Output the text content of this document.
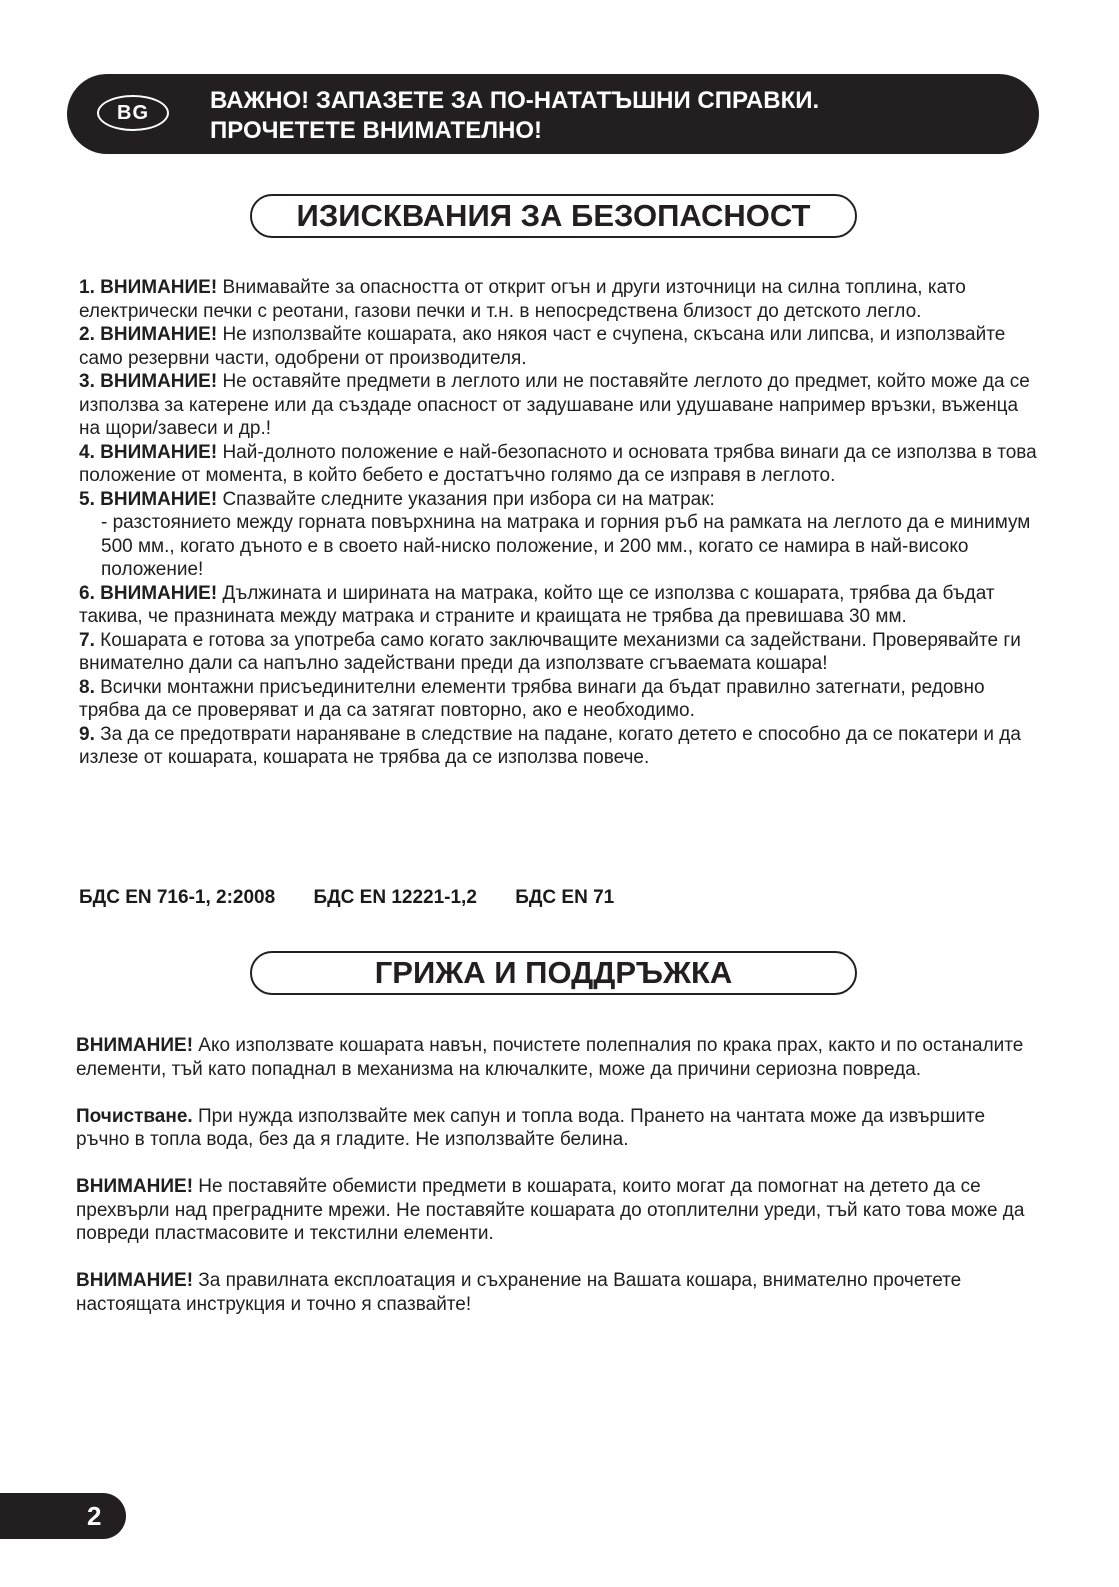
BG	ВАЖНО! ЗАПАЗЕТЕ ЗА ПО-НАТАТЪШНИ СПРАВКИ.
ПРОЧЕТЕТЕ ВНИМАТЕЛНО!
ИЗИСКВАНИЯ ЗА БЕЗОПАСНОСТ

1. ВНИМАНИЕ! Внимавайте за опасността от открит огън и други източници на силна топлина, като електрически печки с реотани, газови печки и т.н. в непосредствена близост до детското легло.

2. ВНИМАНИЕ! Не използвайте кошарата, ако някоя част е счупена, скъсана или липсва, и използвайте само резервни части, одобрени от производителя.

3. ВНИМАНИЕ! Не оставяйте предмети в леглото или не поставяйте леглото до предмет, който може да се използва за катерене или да създаде опасност от задушаване или удушаване например връзки, въженца на щори/завеси и др.!

4. ВНИМАНИЕ! Най-долното положение е най-безопасното и основата трябва винаги да се използва в това положение от момента, в който бебето е достатъчно голямо да се изправя в леглото.

5. ВНИМАНИЕ! Спазвайте следните указания при избора си на матрак:

- разстоянието между горната повърхнина на матрака и горния ръб на рамката на леглото да е минимум 500 мм., когато дъното е в своето най-ниско положение, и 200 мм., когато се намира в най-високо положение!

6. ВНИМАНИЕ! Дължината и ширината на матрака, който ще се използва с кошарата, трябва да бъдат такива, че празнината между матрака и страните и краищата не трябва да превишава 30 мм.

7. Кошарата е готова за употреба само когато заключващите механизми са задействани. Проверявайте ги внимателно дали са напълно задействани преди да използвате сгъваемата кошара!

8. Всички монтажни присъединителни елементи трябва винаги да бъдат правилно затегнати, редовно трябва да се проверяват и да са затягат повторно, ако е необходимо.

9. За да се предотврати нараняване в следствие на падане, когато детето е способно да се покатери и да излезе от кошарата, кошарата не трябва да се използва повече.

БДС EN 716-1, 2:2008 БДС EN 12221-1,2 БДС EN 71
ГРИЖА И ПОДДРЪЖКА

ВНИМАНИЕ! Ако използвате кошарата навън, почистете полепналия по крака прах, както и по останалите елементи, тъй като попаднал в механизма на ключалките, може да причини сериозна повреда.

Почистване. При нужда използвайте мек сапун и топла вода. Прането на чантата може да извършите ръчно в топла вода, без да я гладите. Не използвайте белина.

ВНИМАНИЕ! Не поставяйте обемисти предмети в кошарата, които могат да помогнат на детето да се прехвърли над преградните мрежи. Не поставяйте кошарата до отоплителни уреди, тъй като това може да повреди пластмасовите и текстилни елементи.

ВНИМАНИЕ! За правилната експлоатация и съхранение на Вашата кошара, внимателно прочетете настоящата инструкция и точно я спазвайте!

2
